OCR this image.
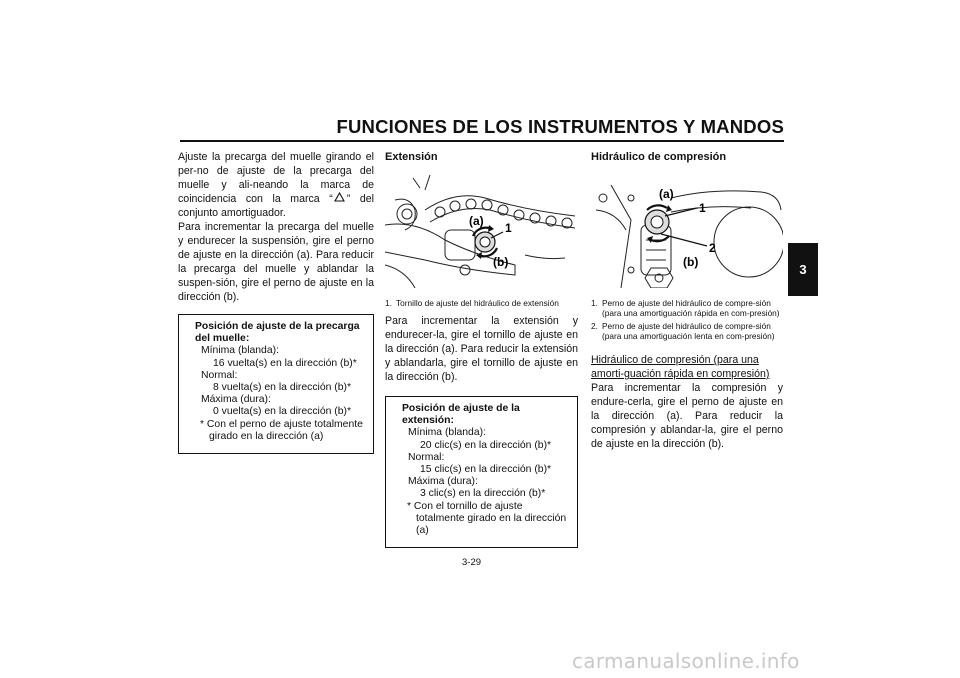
FUNCIONES DE LOS INSTRUMENTOS Y MANDOS
3

Ajuste la precarga del muelle girando el per-no de ajuste de la precarga del muelle y ali-neando la marca de coincidencia con la marca “ ” del conjunto amortiguador.

Para incrementar la precarga del muelle y endurecer la suspensión, gire el perno de ajuste en la dirección (a). Para reducir la precarga del muelle y ablandar la suspen-sión, gire el perno de ajuste en la dirección (b).

Posición de ajuste de la precarga del muelle:
Mínima (blanda):
16 vuelta(s) en la dirección (b)*
Normal:
8 vuelta(s) en la dirección (b)*
Máxima (dura):
0 vuelta(s) en la dirección (b)*
* Con el perno de ajuste totalmente girado en la dirección (a)
Extensión
(a) 1
(b)
1. Tornillo de ajuste del hidráulico de extensión

Para incrementar la extensión y endurecer-la, gire el tornillo de ajuste en la dirección (a). Para reducir la extensión y ablandarla, gire el tornillo de ajuste en la dirección (b).

Posición de ajuste de la extensión:
Mínima (blanda):
20 clic(s) en la dirección (b)*
Normal:
15 clic(s) en la dirección (b)*
Máxima (dura):
3 clic(s) en la dirección (b)*
* Con el tornillo de ajuste totalmente girado en la dirección (a)
Hidráulico de compresión
(a)
1
2
(b)
1. Perno de ajuste del hidráulico de compre-sión (para una amortiguación rápida en com-presión)
2. Perno de ajuste del hidráulico de compre-sión (para una amortiguación lenta en com-presión)
Hidráulico de compresión (para una amorti-guación rápida en compresión)

Para incrementar la compresión y endure-cerla, gire el perno de ajuste en la dirección (a). Para reducir la compresión y ablandar-la, gire el perno de ajuste en la dirección (b).

3-29
carmanualsonline.info
